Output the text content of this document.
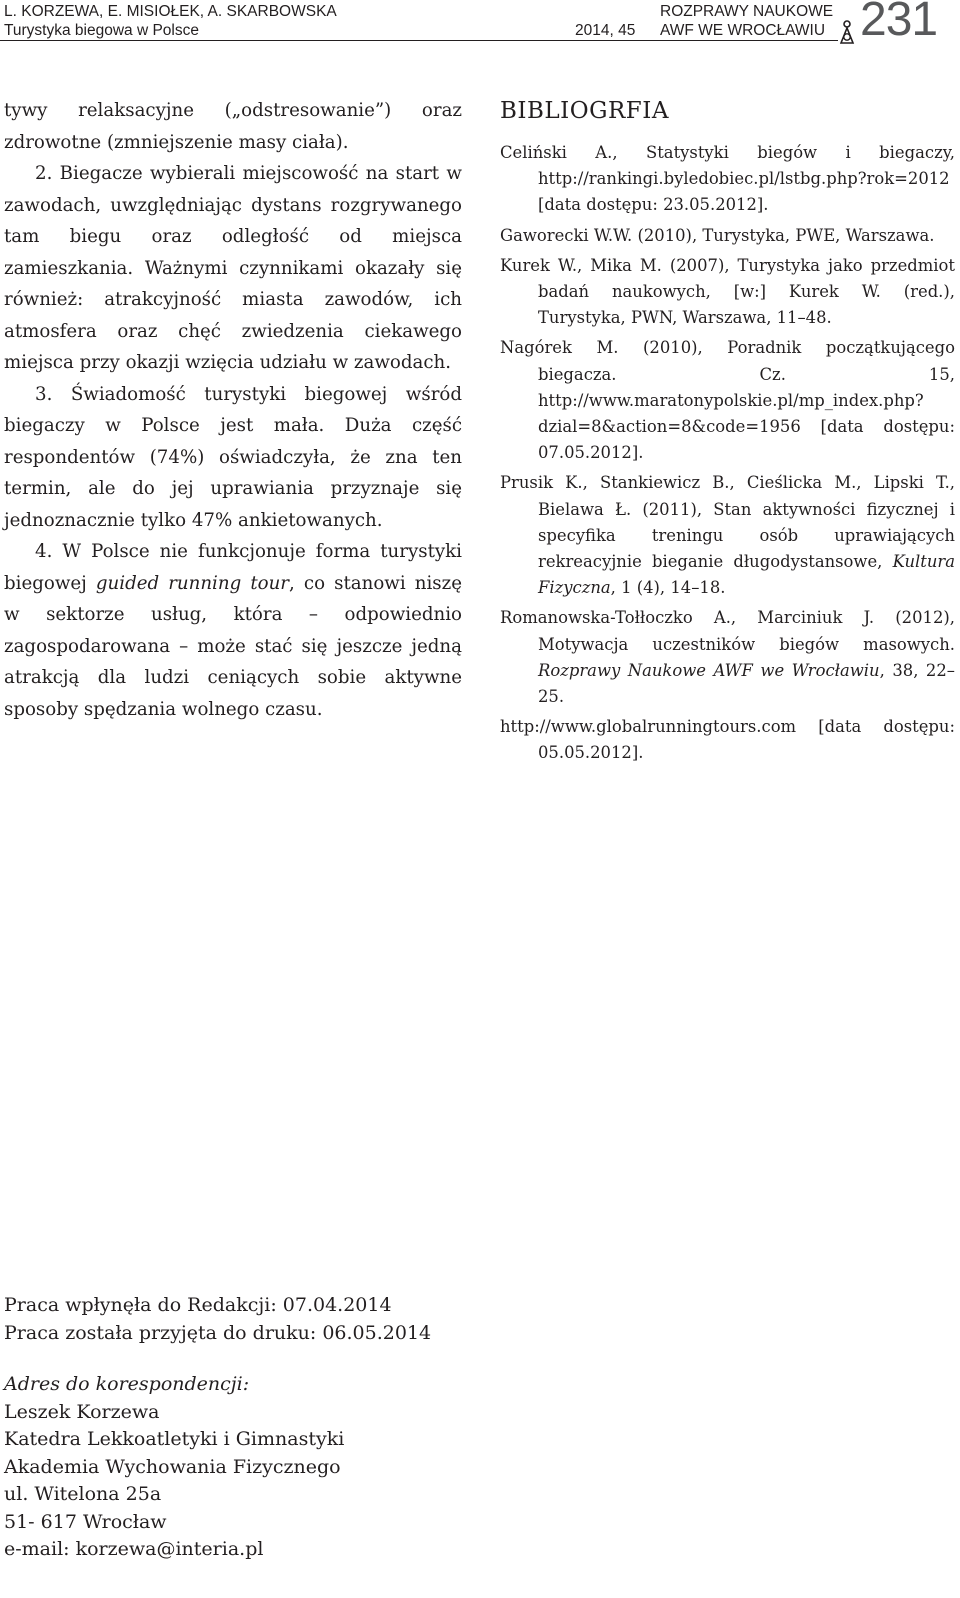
L. KORZEWA, E. MISIOŁEK, A. SKARBOWSKA
Turystyka biegowa w Polsce	2014, 45
ROZPRAWY NAUKOWE
AWF WE WROCŁAWIU 231

tywy relaksacyjne („odstresowanie”) oraz zdrowotne (zmniejszenie masy ciała).

2. Biegacze wybierali miejscowość na start w zawodach, uwzględniając dystans rozgrywanego tam biegu oraz odległość od miejsca zamieszkania. Ważnymi czynnikami okazały się również: atrakcyjność miasta zawodów, ich atmosfera oraz chęć zwiedzenia ciekawego miejsca przy okazji wzięcia udziału w zawodach.

3. Świadomość turystyki biegowej wśród biegaczy w Polsce jest mała. Duża część respondentów (74%) oświadczyła, że zna ten termin, ale do jej uprawiania przyznaje się jednoznacznie tylko 47% ankietowanych.

4. W Polsce nie funkcjonuje forma turystyki biegowej guided running tour, co stanowi niszę w sektorze usług, która – odpowiednio zagospodarowana – może stać się jeszcze jedną atrakcją dla ludzi ceniących sobie aktywne sposoby spędzania wolnego czasu.

BIBLIOGRFIA
Celiński A., Statystyki biegów i biegaczy, http://rankingi.byledobiec.pl/lstbg.php?rok=2012 [data dostępu: 23.05.2012].
Gaworecki W.W. (2010), Turystyka, PWE, Warszawa.
Kurek W., Mika M. (2007), Turystyka jako przedmiot badań naukowych, [w:] Kurek W. (red.), Turystyka, PWN, Warszawa, 11–48.
Nagórek M. (2010), Poradnik początkującego biegacza. Cz. 15, http://www.maratonypolskie.pl/mp_index.php?dzial=8&action=8&code=1956 [data dostępu: 07.05.2012].
Prusik K., Stankiewicz B., Cieślicka M., Lipski T., Bielawa Ł. (2011), Stan aktywności fizycznej i specyfika treningu osób uprawiających rekreacyjnie bieganie długodystansowe, Kultura Fizyczna, 1 (4), 14–18.
Romanowska-Tołłoczko A., Marciniuk J. (2012), Motywacja uczestników biegów masowych. Rozprawy Naukowe AWF we Wrocławiu, 38, 22–25.
http://www.globalrunningtours.com [data dostępu: 05.05.2012].
Praca wpłynęła do Redakcji: 07.04.2014
Praca została przyjęta do druku: 06.05.2014
Adres do korespondencji:
Leszek Korzewa
Katedra Lekkoatletyki i Gimnastyki
Akademia Wychowania Fizycznego
ul. Witelona 25a
51- 617 Wrocław
e-mail: korzewa@interia.pl
